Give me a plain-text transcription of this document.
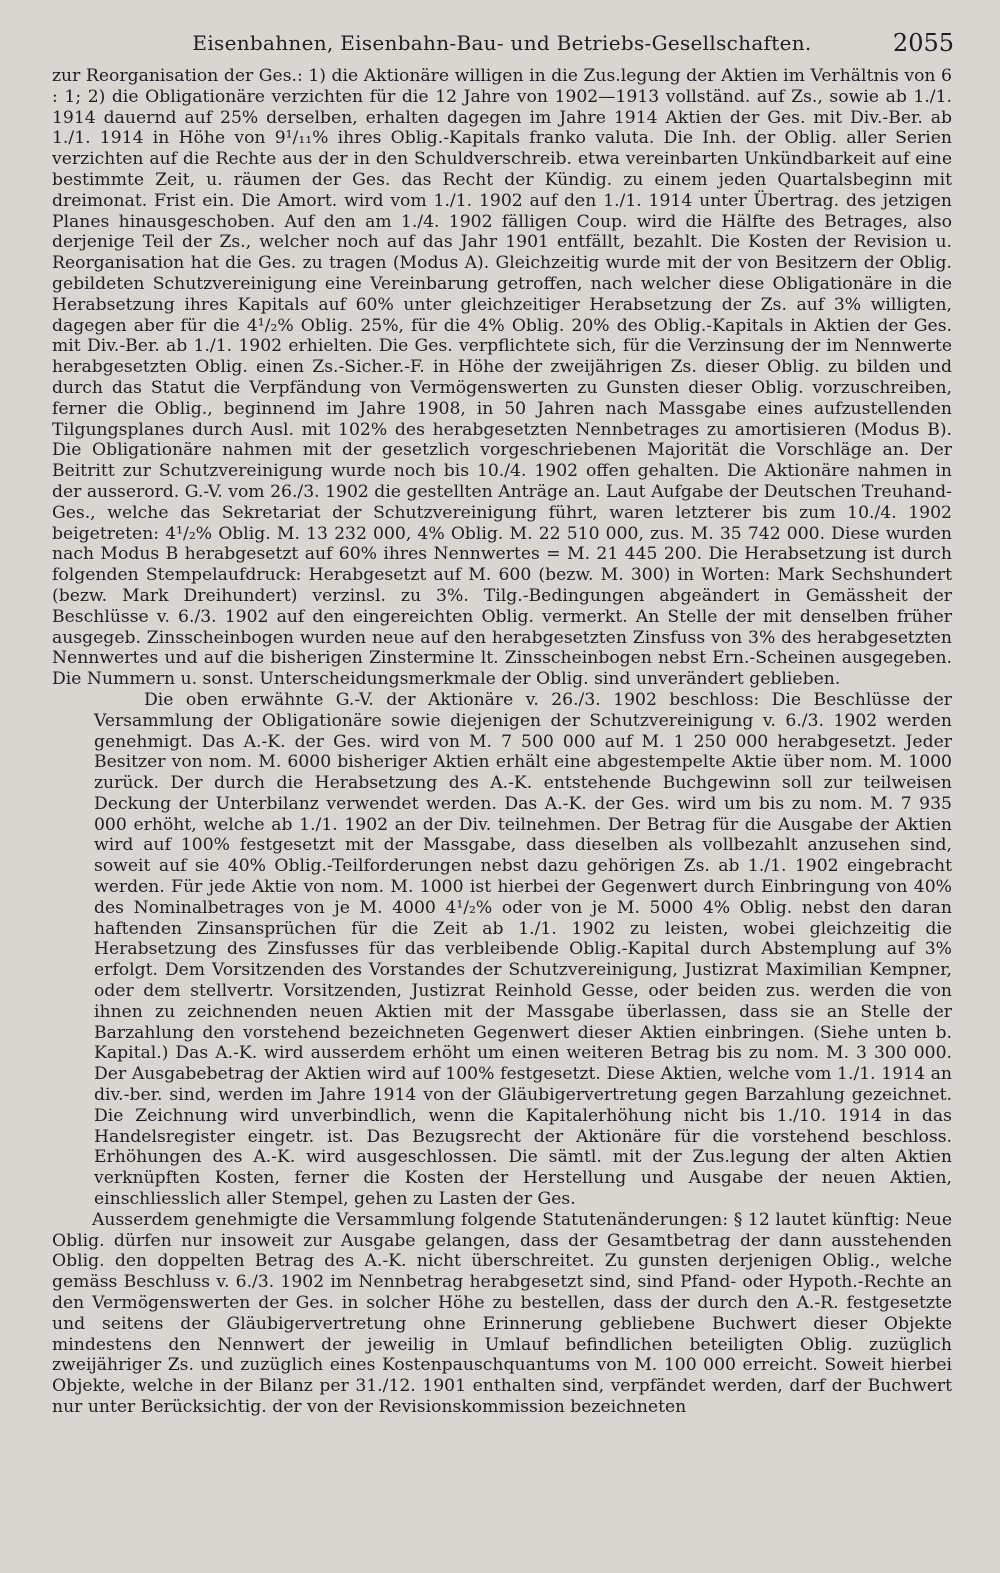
Eisenbahnen, Eisenbahn-Bau- und Betriebs-Gesellschaften.	2055

zur Reorganisation der Ges.: 1) die Aktionäre willigen in die Zus.legung der Aktien im Verhältnis von 6 : 1; 2) die Obligationäre verzichten für die 12 Jahre von 1902—1913 vollständ. auf Zs., sowie ab 1./1. 1914 dauernd auf 25% derselben, erhalten dagegen im Jahre 1914 Aktien der Ges. mit Div.-Ber. ab 1./1. 1914 in Höhe von 9¹/₁₁% ihres Oblig.-Kapitals franko valuta. Die Inh. der Oblig. aller Serien verzichten auf die Rechte aus der in den Schuldverschreib. etwa vereinbarten Unkündbarkeit auf eine bestimmte Zeit, u. räumen der Ges. das Recht der Kündig. zu einem jeden Quartalsbeginn mit dreimonat. Frist ein. Die Amort. wird vom 1./1. 1902 auf den 1./1. 1914 unter Übertrag. des jetzigen Planes hinausgeschoben. Auf den am 1./4. 1902 fälligen Coup. wird die Hälfte des Betrages, also derjenige Teil der Zs., welcher noch auf das Jahr 1901 entfällt, bezahlt. Die Kosten der Revision u. Reorganisation hat die Ges. zu tragen (Modus A). Gleichzeitig wurde mit der von Besitzern der Oblig. gebildeten Schutzvereinigung eine Vereinbarung getroffen, nach welcher diese Obligationäre in die Herabsetzung ihres Kapitals auf 60% unter gleichzeitiger Herabsetzung der Zs. auf 3% willigten, dagegen aber für die 4¹/₂% Oblig. 25%, für die 4% Oblig. 20% des Oblig.-Kapitals in Aktien der Ges. mit Div.-Ber. ab 1./1. 1902 erhielten. Die Ges. verpflichtete sich, für die Verzinsung der im Nennwerte herabgesetzten Oblig. einen Zs.-Sicher.-F. in Höhe der zweijährigen Zs. dieser Oblig. zu bilden und durch das Statut die Verpfändung von Vermögenswerten zu Gunsten dieser Oblig. vorzuschreiben, ferner die Oblig., beginnend im Jahre 1908, in 50 Jahren nach Massgabe eines aufzustellenden Tilgungsplanes durch Ausl. mit 102% des herabgesetzten Nennbetrages zu amortisieren (Modus B). Die Obligationäre nahmen mit der gesetzlich vorgeschriebenen Majorität die Vorschläge an. Der Beitritt zur Schutzvereinigung wurde noch bis 10./4. 1902 offen gehalten. Die Aktionäre nahmen in der ausserord. G.-V. vom 26./3. 1902 die gestellten Anträge an. Laut Aufgabe der Deutschen Treuhand-Ges., welche das Sekretariat der Schutzvereinigung führt, waren letzterer bis zum 10./4. 1902 beigetreten: 4¹/₂% Oblig. M. 13 232 000, 4% Oblig. M. 22 510 000, zus. M. 35 742 000. Diese wurden nach Modus B herabgesetzt auf 60% ihres Nennwertes = M. 21 445 200. Die Herabsetzung ist durch folgenden Stempelaufdruck: Herabgesetzt auf M. 600 (bezw. M. 300) in Worten: Mark Sechshundert (bezw. Mark Dreihundert) verzinsl. zu 3%. Tilg.-Bedingungen abgeändert in Gemässheit der Beschlüsse v. 6./3. 1902 auf den eingereichten Oblig. vermerkt. An Stelle der mit denselben früher ausgegeb. Zinsscheinbogen wurden neue auf den herabgesetzten Zinsfuss von 3% des herabgesetzten Nennwertes und auf die bisherigen Zinstermine lt. Zinsscheinbogen nebst Ern.-Scheinen ausgegeben. Die Nummern u. sonst. Unterscheidungsmerkmale der Oblig. sind unverändert geblieben.

Die oben erwähnte G.-V. der Aktionäre v. 26./3. 1902 beschloss: Die Beschlüsse der Versammlung der Obligationäre sowie diejenigen der Schutzvereinigung v. 6./3. 1902 werden genehmigt. Das A.-K. der Ges. wird von M. 7 500 000 auf M. 1 250 000 herabgesetzt. Jeder Besitzer von nom. M. 6000 bisheriger Aktien erhält eine abgestempelte Aktie über nom. M. 1000 zurück. Der durch die Herabsetzung des A.-K. entstehende Buchgewinn soll zur teilweisen Deckung der Unterbilanz verwendet werden. Das A.-K. der Ges. wird um bis zu nom. M. 7 935 000 erhöht, welche ab 1./1. 1902 an der Div. teilnehmen. Der Betrag für die Ausgabe der Aktien wird auf 100% festgesetzt mit der Massgabe, dass dieselben als vollbezahlt anzusehen sind, soweit auf sie 40% Oblig.-Teilforderungen nebst dazu gehörigen Zs. ab 1./1. 1902 eingebracht werden. Für jede Aktie von nom. M. 1000 ist hierbei der Gegenwert durch Einbringung von 40% des Nominalbetrages von je M. 4000 4¹/₂% oder von je M. 5000 4% Oblig. nebst den daran haftenden Zinsansprüchen für die Zeit ab 1./1. 1902 zu leisten, wobei gleichzeitig die Herabsetzung des Zinsfusses für das verbleibende Oblig.-Kapital durch Abstemplung auf 3% erfolgt. Dem Vorsitzenden des Vorstandes der Schutzvereinigung, Justizrat Maximilian Kempner, oder dem stellvertr. Vorsitzenden, Justizrat Reinhold Gesse, oder beiden zus. werden die von ihnen zu zeichnenden neuen Aktien mit der Massgabe überlassen, dass sie an Stelle der Barzahlung den vorstehend bezeichneten Gegenwert dieser Aktien einbringen. (Siehe unten b. Kapital.) Das A.-K. wird ausserdem erhöht um einen weiteren Betrag bis zu nom. M. 3 300 000. Der Ausgabebetrag der Aktien wird auf 100% festgesetzt. Diese Aktien, welche vom 1./1. 1914 an div.-ber. sind, werden im Jahre 1914 von der Gläubigervertretung gegen Barzahlung gezeichnet. Die Zeichnung wird unverbindlich, wenn die Kapitalerhöhung nicht bis 1./10. 1914 in das Handelsregister eingetr. ist. Das Bezugsrecht der Aktionäre für die vorstehend beschloss. Erhöhungen des A.-K. wird ausgeschlossen. Die sämtl. mit der Zus.legung der alten Aktien verknüpften Kosten, ferner die Kosten der Herstellung und Ausgabe der neuen Aktien, einschliesslich aller Stempel, gehen zu Lasten der Ges.

Ausserdem genehmigte die Versammlung folgende Statutenänderungen: § 12 lautet künftig: Neue Oblig. dürfen nur insoweit zur Ausgabe gelangen, dass der Gesamtbetrag der dann ausstehenden Oblig. den doppelten Betrag des A.-K. nicht überschreitet. Zu gunsten derjenigen Oblig., welche gemäss Beschluss v. 6./3. 1902 im Nennbetrag herabgesetzt sind, sind Pfand- oder Hypoth.-Rechte an den Vermögenswerten der Ges. in solcher Höhe zu bestellen, dass der durch den A.-R. festgesetzte und seitens der Gläubigervertretung ohne Erinnerung gebliebene Buchwert dieser Objekte mindestens den Nennwert der jeweilig in Umlauf befindlichen beteiligten Oblig. zuzüglich zweijähriger Zs. und zuzüglich eines Kostenpauschquantums von M. 100 000 erreicht. Soweit hierbei Objekte, welche in der Bilanz per 31./12. 1901 enthalten sind, verpfändet werden, darf der Buchwert nur unter Berücksichtig. der von der Revisionskommission bezeichneten
